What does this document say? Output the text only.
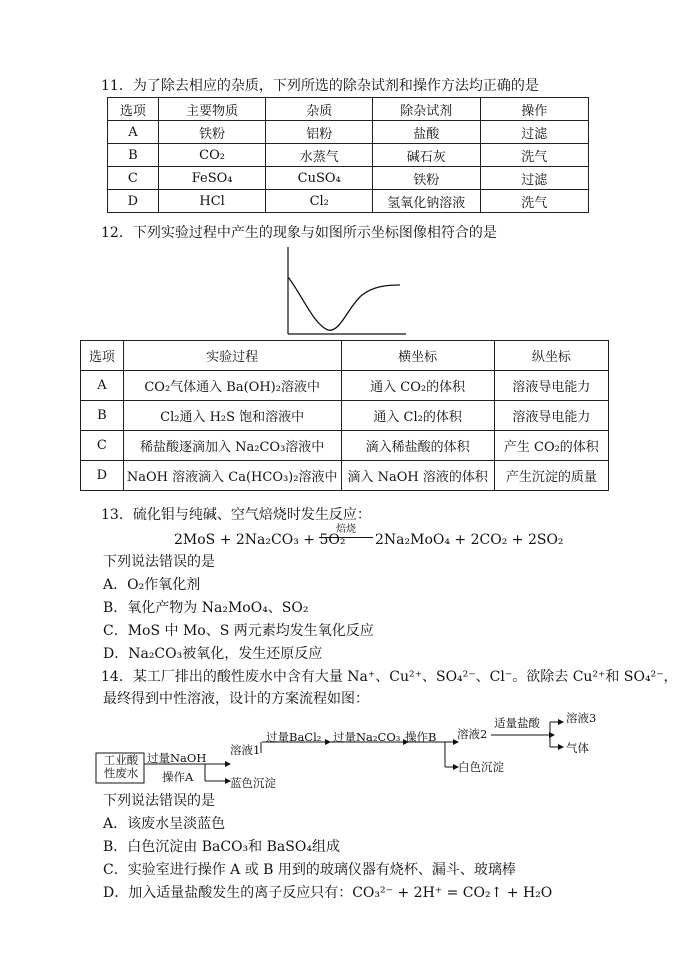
11．为了除去相应的杂质，下列所选的除杂试剂和操作方法均正确的是
选项	主要物质	杂质	除杂试剂	操作
A	铁粉	铝粉	盐酸	过滤
B	CO₂	水蒸气	碱石灰	洗气
C	FeSO₄	CuSO₄	铁粉	过滤
D	HCl	Cl₂	氢氧化钠溶液	洗气
12．下列实验过程中产生的现象与如图所示坐标图像相符合的是
选项	实验过程	横坐标	纵坐标
A	CO₂气体通入 Ba(OH)₂溶液中	通入 CO₂的体积	溶液导电能力
B	Cl₂通入 H₂S 饱和溶液中	通入 Cl₂的体积	溶液导电能力
C	稀盐酸逐滴加入 Na₂CO₃溶液中	滴入稀盐酸的体积	产生 CO₂的体积
D	NaOH 溶液滴入 Ca(HCO₃)₂溶液中	滴入 NaOH 溶液的体积	产生沉淀的质量
13．硫化钼与纯碱、空气焙烧时发生反应：
2MoS + 2Na₂CO₃ + 5O₂
焙烧
2Na₂MoO₄ + 2CO₂ + 2SO₂
下列说法错误的是
A．O₂作氧化剂
B．氧化产物为 Na₂MoO₄、SO₂
C．MoS 中 Mo、S 两元素均发生氧化反应
D．Na₂CO₃被氧化，发生还原反应
14．某工厂排出的酸性废水中含有大量 Na⁺、Cu²⁺、SO₄²⁻、Cl⁻。欲除去 Cu²⁺和 SO₄²⁻，
最终得到中性溶液，设计的方案流程如图：
工业酸
性废水
过量NaOH
操作A
溶液1
蓝色沉淀
过量BaCl₂ 过量Na₂CO₃ 操作B 溶液2
白色沉淀
适量盐酸 溶液3
气体
下列说法错误的是
A．该废水呈淡蓝色
B．白色沉淀由 BaCO₃和 BaSO₄组成
C．实验室进行操作 A 或 B 用到的玻璃仪器有烧杯、漏斗、玻璃棒
D．加入适量盐酸发生的离子反应只有：CO₃²⁻ + 2H⁺ = CO₂↑ + H₂O
